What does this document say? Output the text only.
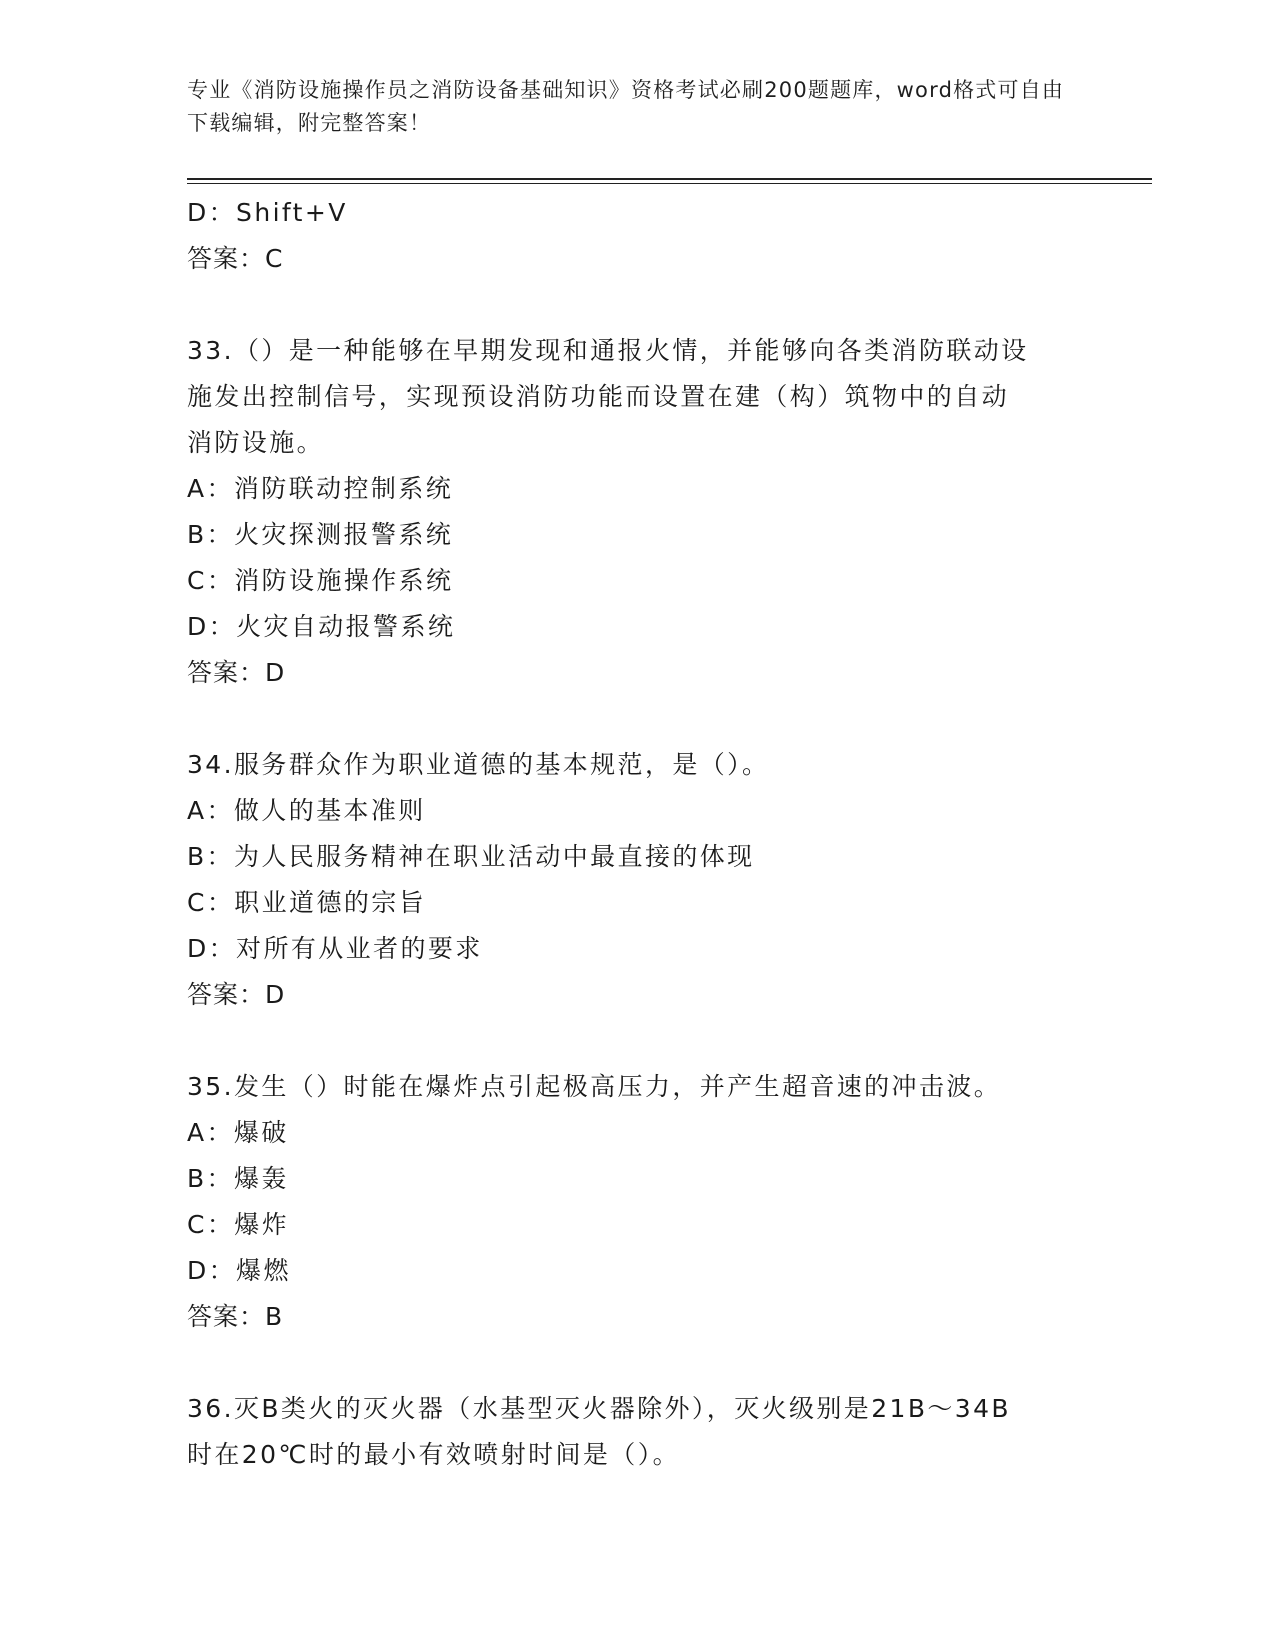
专业《消防设施操作员之消防设备基础知识》资格考试必刷200题题库，word格式可自由下载编辑，附完整答案！
D：Shift+V
答案：C
33.（）是一种能够在早期发现和通报火情，并能够向各类消防联动设
施发出控制信号，实现预设消防功能而设置在建（构）筑物中的自动
消防设施。
A：消防联动控制系统
B：火灾探测报警系统
C：消防设施操作系统
D：火灾自动报警系统
答案：D
34.服务群众作为职业道德的基本规范，是（）。
A：做人的基本准则
B：为人民服务精神在职业活动中最直接的体现
C：职业道德的宗旨
D：对所有从业者的要求
答案：D
35.发生（）时能在爆炸点引起极高压力，并产生超音速的冲击波。
A：爆破
B：爆轰
C：爆炸
D：爆燃
答案：B
36.灭B类火的灭火器（水基型灭火器除外），灭火级别是21B～34B
时在20℃时的最小有效喷射时间是（）。
